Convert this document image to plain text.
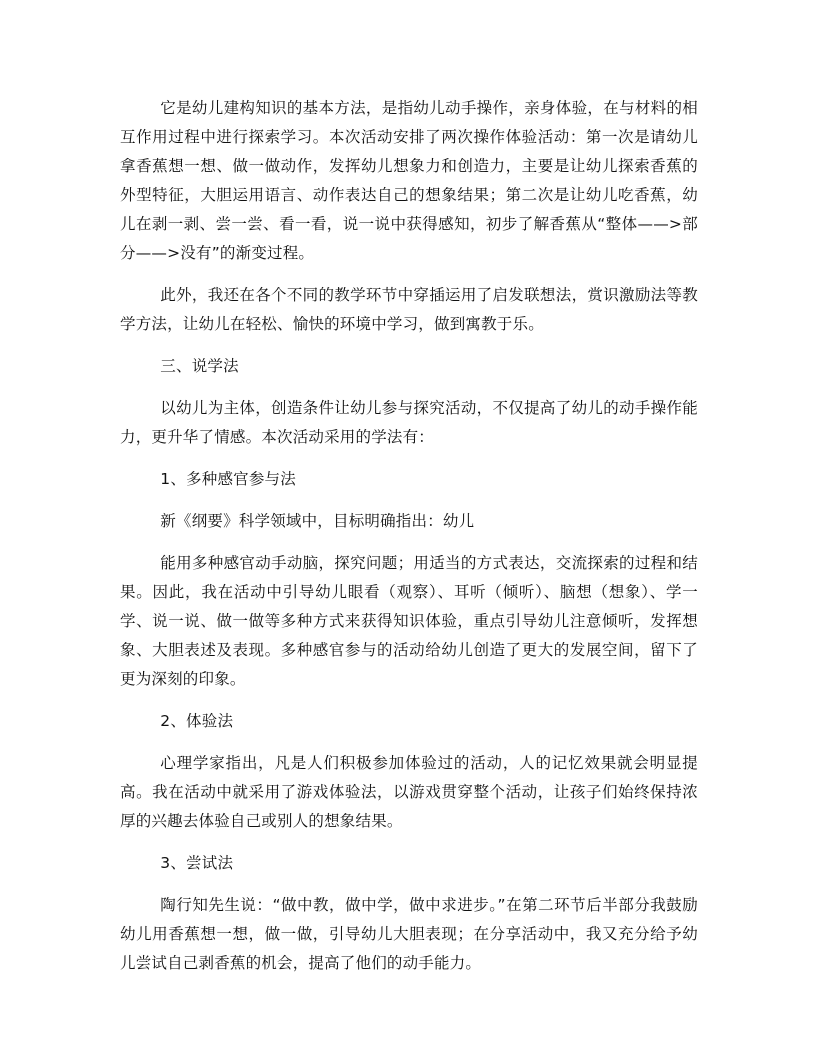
它是幼儿建构知识的基本方法，是指幼儿动手操作，亲身体验，在与材料的相互作用过程中进行探索学习。本次活动安排了两次操作体验活动：第一次是请幼儿拿香蕉想一想、做一做动作，发挥幼儿想象力和创造力，主要是让幼儿探索香蕉的外型特征，大胆运用语言、动作表达自己的想象结果；第二次是让幼儿吃香蕉，幼儿在剥一剥、尝一尝、看一看，说一说中获得感知，初步了解香蕉从“整体——>部分——>没有”的渐变过程。

此外，我还在各个不同的教学环节中穿插运用了启发联想法，赏识激励法等教学方法，让幼儿在轻松、愉快的环境中学习，做到寓教于乐。

三、说学法

以幼儿为主体，创造条件让幼儿参与探究活动，不仅提高了幼儿的动手操作能力，更升华了情感。本次活动采用的学法有：

1、多种感官参与法

新《纲要》科学领域中，目标明确指出：幼儿

能用多种感官动手动脑，探究问题；用适当的方式表达，交流探索的过程和结果。因此，我在活动中引导幼儿眼看（观察）、耳听（倾听）、脑想（想象）、学一学、说一说、做一做等多种方式来获得知识体验，重点引导幼儿注意倾听，发挥想象、大胆表述及表现。多种感官参与的活动给幼儿创造了更大的发展空间，留下了更为深刻的印象。

2、体验法

心理学家指出，凡是人们积极参加体验过的活动，人的记忆效果就会明显提高。我在活动中就采用了游戏体验法，以游戏贯穿整个活动，让孩子们始终保持浓厚的兴趣去体验自己或别人的想象结果。

3、尝试法

陶行知先生说：“做中教，做中学，做中求进步。”在第二环节后半部分我鼓励幼儿用香蕉想一想，做一做，引导幼儿大胆表现；在分享活动中，我又充分给予幼儿尝试自己剥香蕉的机会，提高了他们的动手能力。
